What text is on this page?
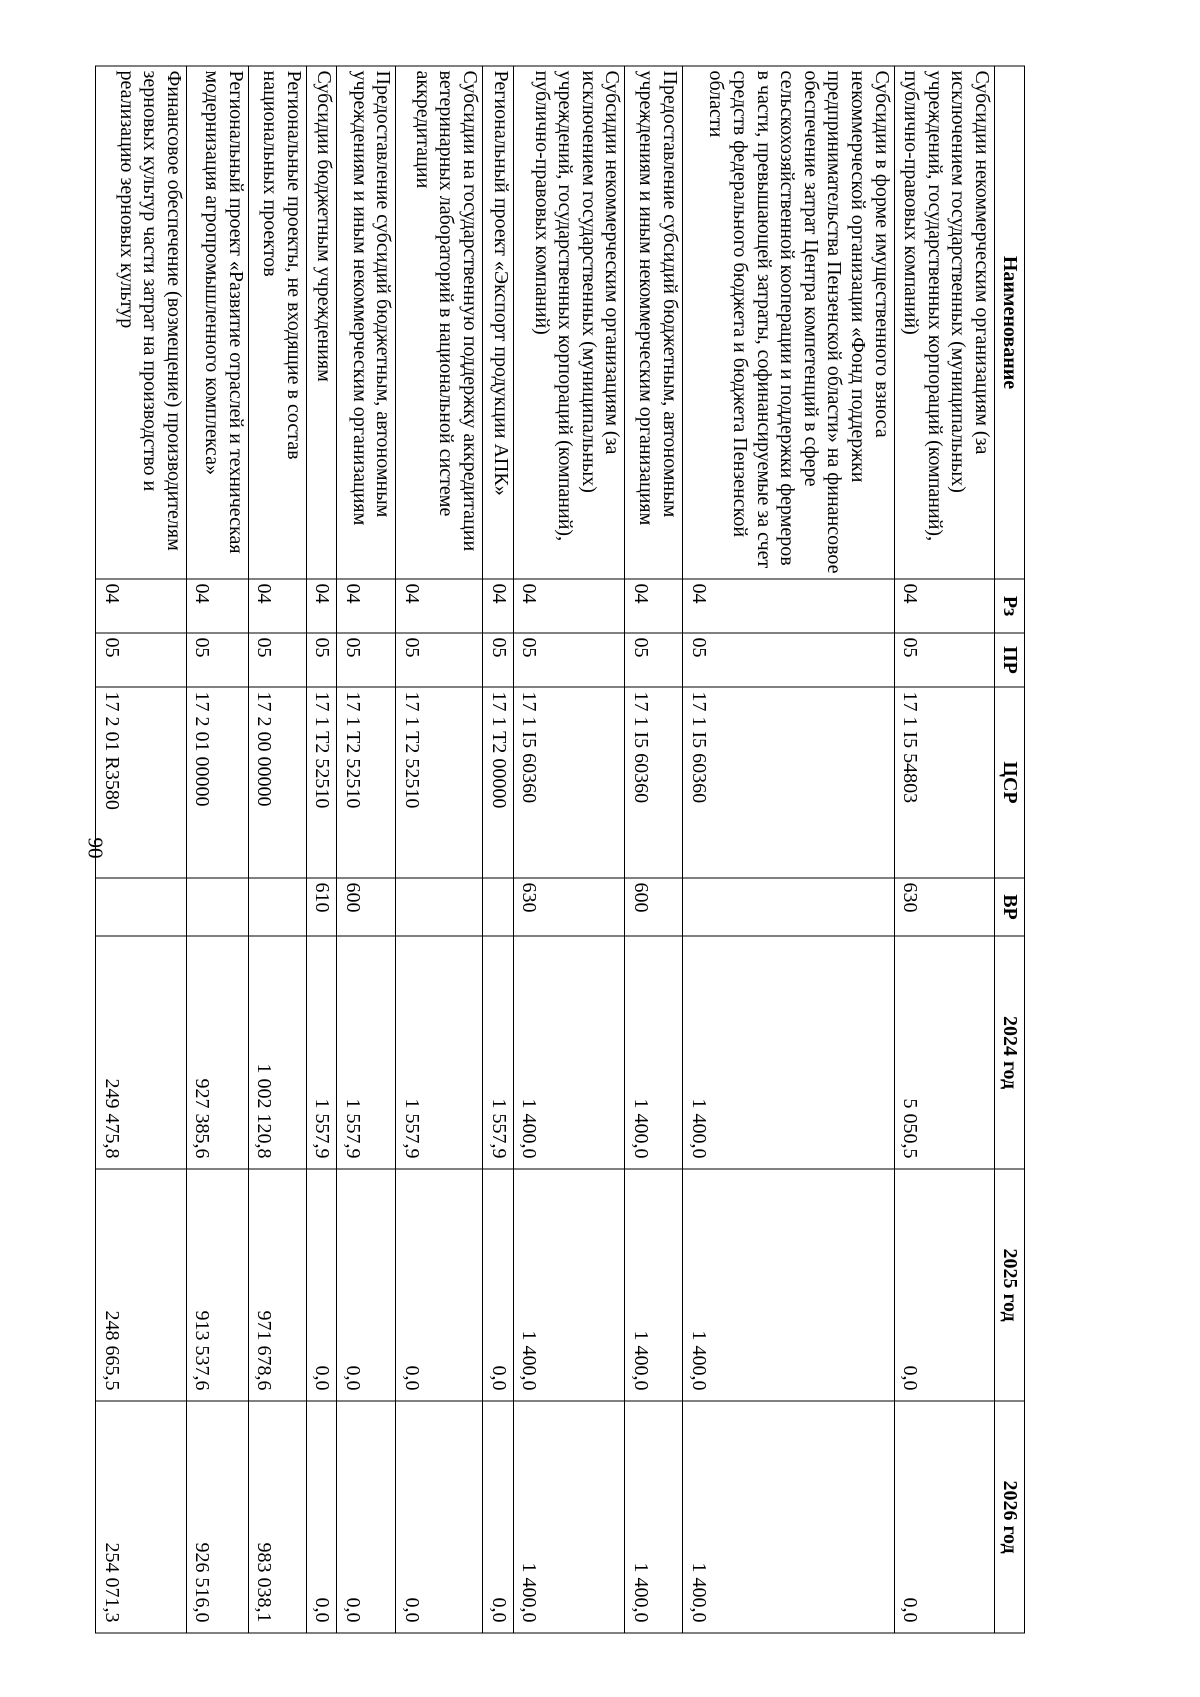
90
Наименование	Рз	ПР	ЦСР	ВР	2024 год	2025 год	2026 год
Субсидии некоммерческим организациям (за исключением государственных (муниципальных) учреждений, государственных корпораций (компаний), публично-правовых компаний)	04	05	17 1 I5 54803	630	5 050,5	0,0	0,0
Субсидии в форме имущественного взноса некоммерческой организации «Фонд поддержки предпринимательства Пензенской области» на финансовое обеспечение затрат Центра компетенций в сфере сельскохозяйственной кооперации и поддержки фермеров в части, превышающей затраты, софинансируемые за счет средств федерального бюджета и бюджета Пензенской области	04	05	17 1 I5 60360		1 400,0	1 400,0	1 400,0
Предоставление субсидий бюджетным, автономным учреждениям и иным некоммерческим организациям	04	05	17 1 I5 60360	600	1 400,0	1 400,0	1 400,0
Субсидии некоммерческим организациям (за исключением государственных (муниципальных) учреждений, государственных корпораций (компаний), публично-правовых компаний)	04	05	17 1 I5 60360	630	1 400,0	1 400,0	1 400,0
Региональный проект «Экспорт продукции АПК»	04	05	17 1 T2 00000		1 557,9	0,0	0,0
Субсидии на государственную поддержку аккредитации ветеринарных лабораторий в национальной системе аккредитации	04	05	17 1 T2 52510		1 557,9	0,0	0,0
Предоставление субсидий бюджетным, автономным учреждениям и иным некоммерческим организациям	04	05	17 1 T2 52510	600	1 557,9	0,0	0,0
Субсидии бюджетным учреждениям	04	05	17 1 T2 52510	610	1 557,9	0,0	0,0
Региональные проекты, не входящие в состав национальных проектов	04	05	17 2 00 00000		1 002 120,8	971 678,6	983 038,1
Региональный проект «Развитие отраслей и техническая модернизация агропромышленного комплекса»	04	05	17 2 01 00000		927 385,6	913 537,6	926 516,0
Финансовое обеспечение (возмещение) производителям зерновых культур части затрат на производство и реализацию зерновых культур	04	05	17 2 01 R3580		249 475,8	248 665,5	254 071,3
